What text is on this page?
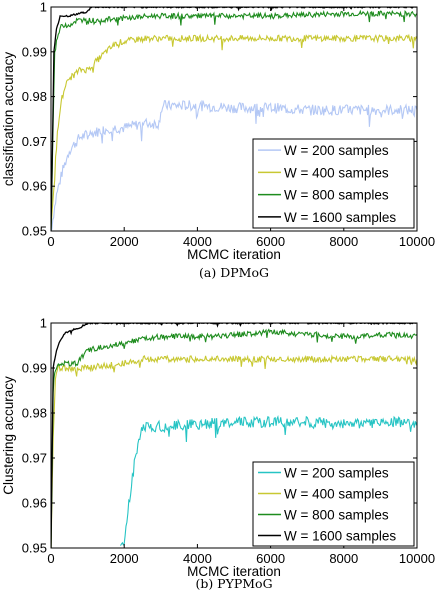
0	2000	4000	6000	8000	10000
0.95
0.96
0.97
0.98
0.99
1
MCMC iteration
classification accuracy	W = 200 samples
W = 400 samples
W = 800 samples
W = 1600 samples
(a) DPMoG
0	2000	4000	6000	8000	10000
0.95
0.96
0.97
0.98
0.99
1
MCMC iteration
Clustering accuracy	W = 200 samples
W = 400 samples
W = 800 samples
W = 1600 samples
(b) PYPMoG
